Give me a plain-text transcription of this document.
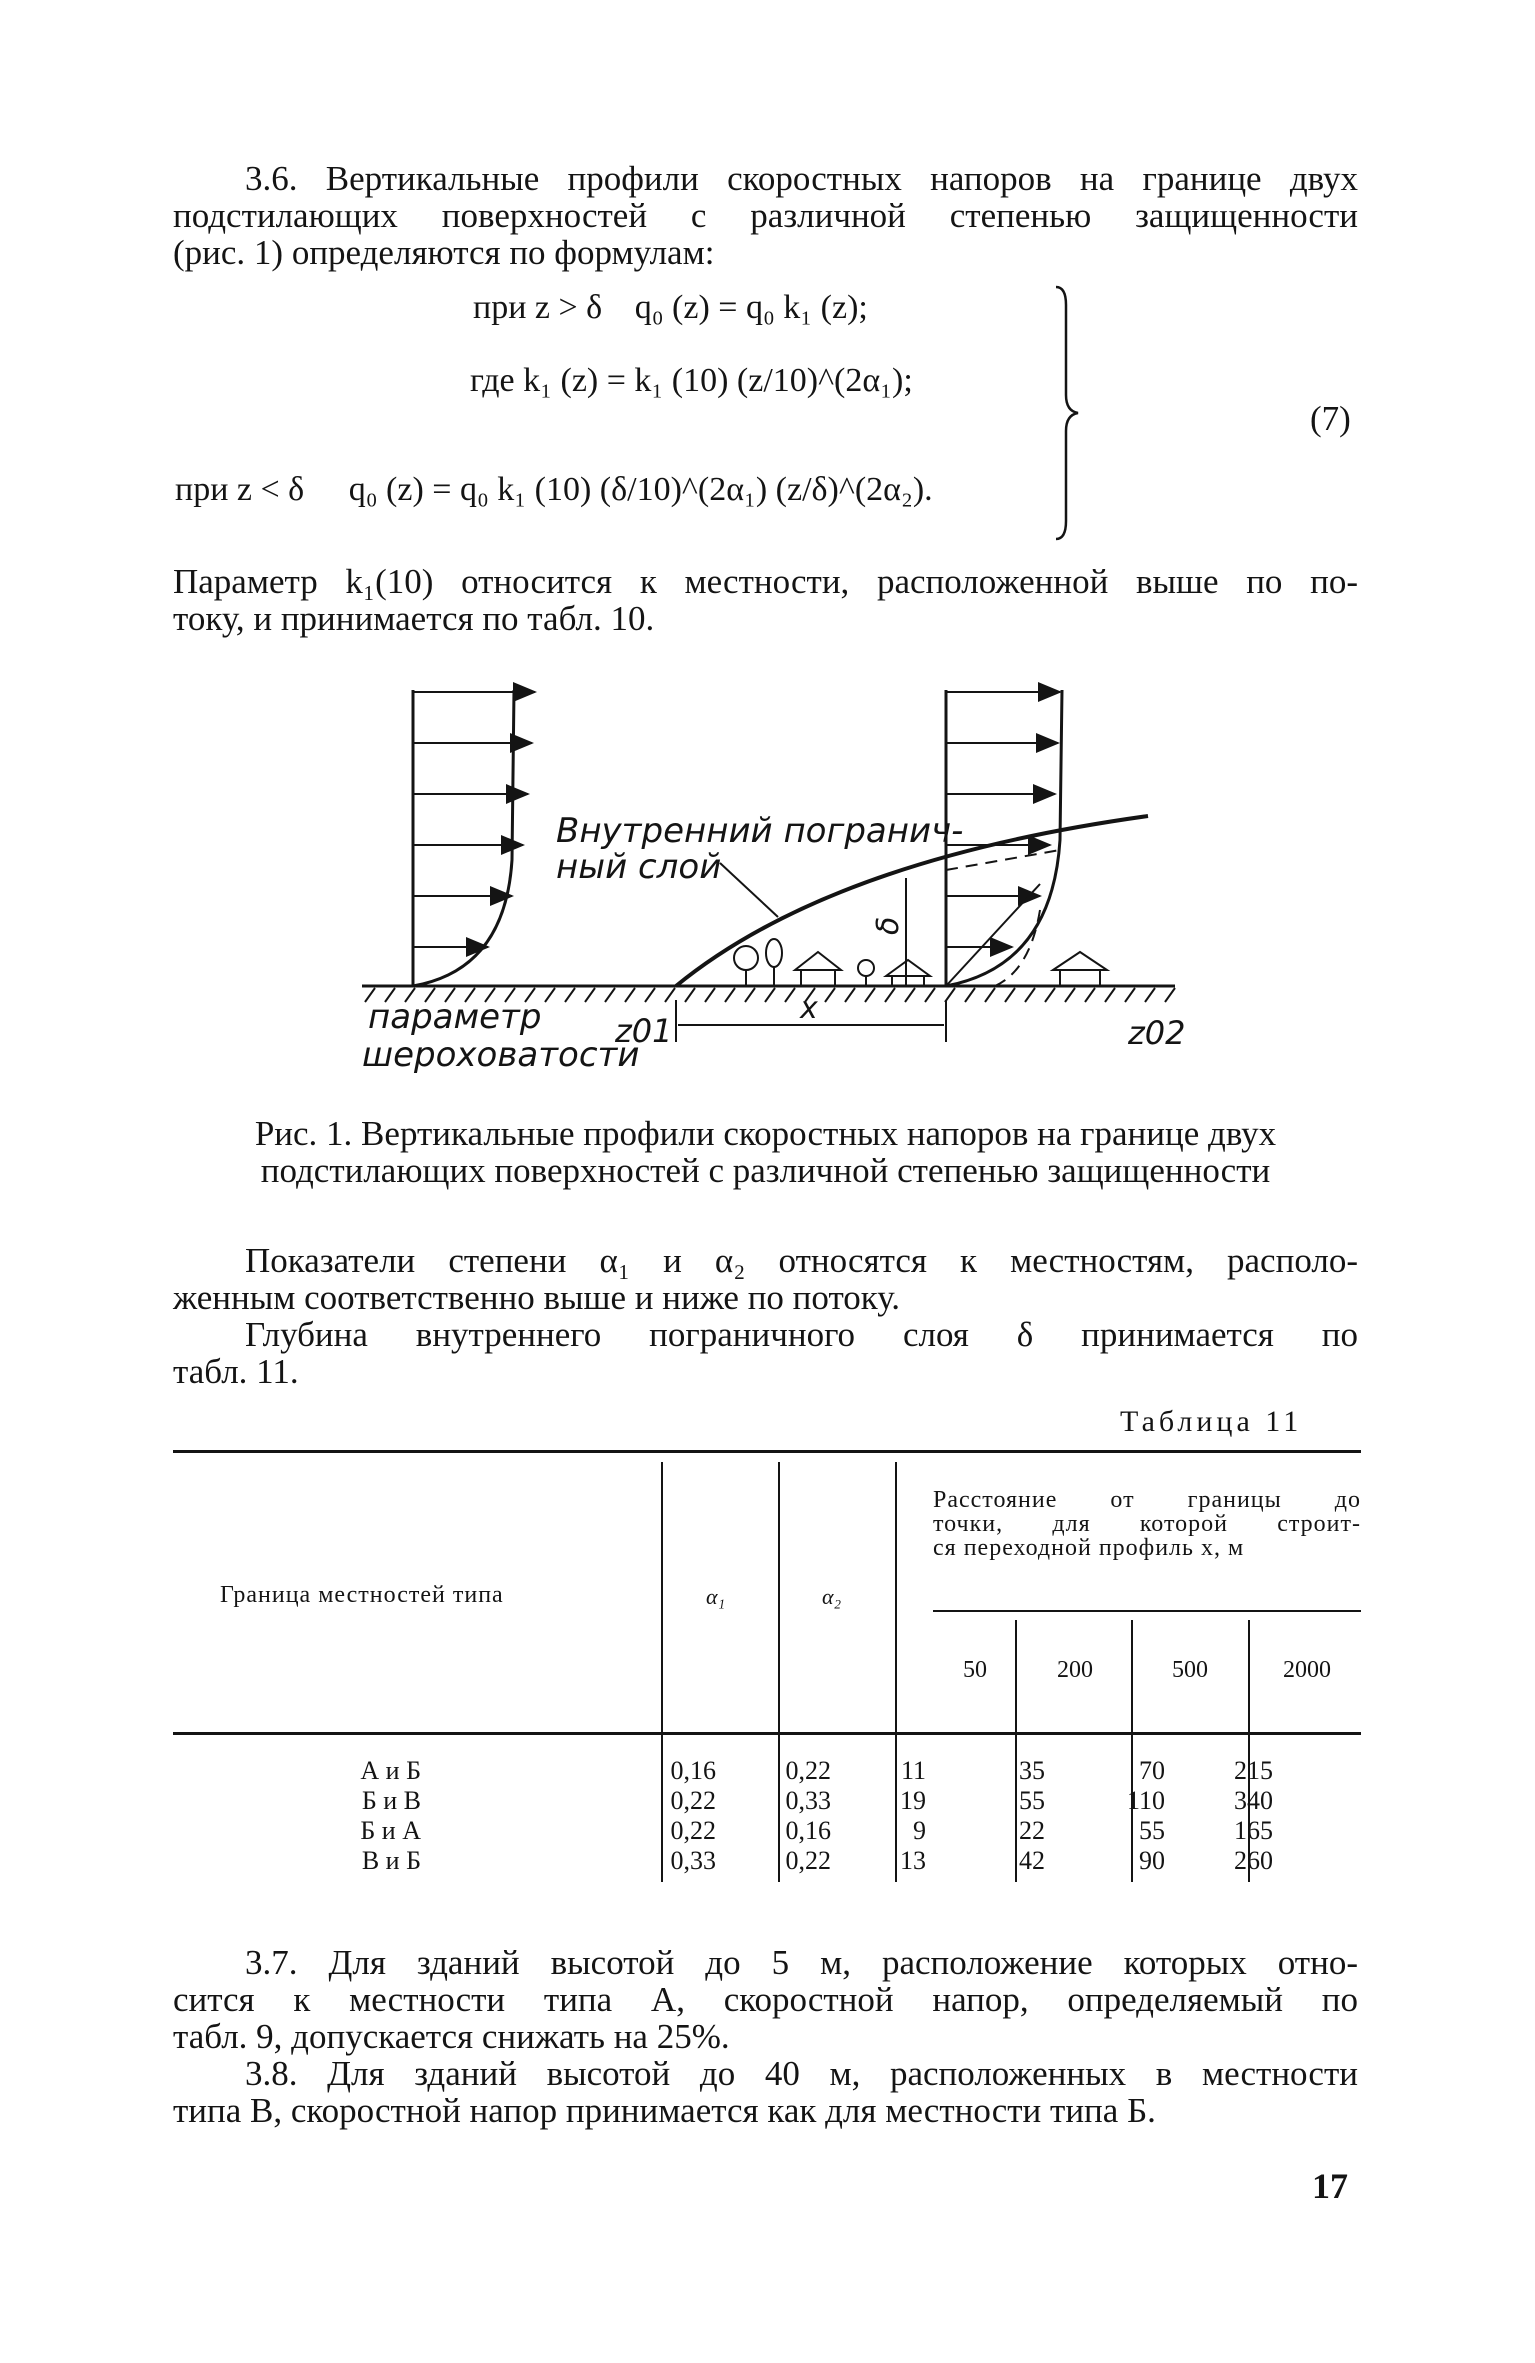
3.6. Вертикальные профили скоростных напоров на границе двух
подстилающих поверхностей с различной степенью защищенности
(рис. 1) определяются по формулам:
при z > δ q₀ (z) = q₀ k₁ (z);
где k₁ (z) = k₁ (10) (z/10)^(2α₁);
при z < δ q₀ (z) = q₀ k₁ (10) (δ/10)^(2α₁) (z/δ)^(2α₂).
(7)
Параметр k₁(10) относится к местности, расположенной выше по по-
току, и принимается по табл. 10.
Внутренний погранич-
ный слой
δ
x
параметр
шероховатости
z01	z02
Рис. 1. Вертикальные профили скоростных напоров на границе двух
подстилающих поверхностей с различной степенью защищенности
Показатели степени α₁ и α₂ относятся к местностям, располо-
женным соответственно выше и ниже по потоку.
Глубина внутреннего пограничного слоя δ принимается по
табл. 11.
Таблица 11
Граница местностей типа	α₁	α₂
Расстояние от границы до
точки, для которой строит-
ся переходной профиль x, м
50	200	500	2000
А и Б	0,16	0,22	11	35	70	215
Б и В	0,22	0,33	19	55	110	340
Б и А	0,22	0,16	9	22	55	165
В и Б	0,33	0,22	13	42	90	260
3.7. Для зданий высотой до 5 м, расположение которых отно-
сится к местности типа А, скоростной напор, определяемый по
табл. 9, допускается снижать на 25%.
3.8. Для зданий высотой до 40 м, расположенных в местности
типа В, скоростной напор принимается как для местности типа Б.
17
